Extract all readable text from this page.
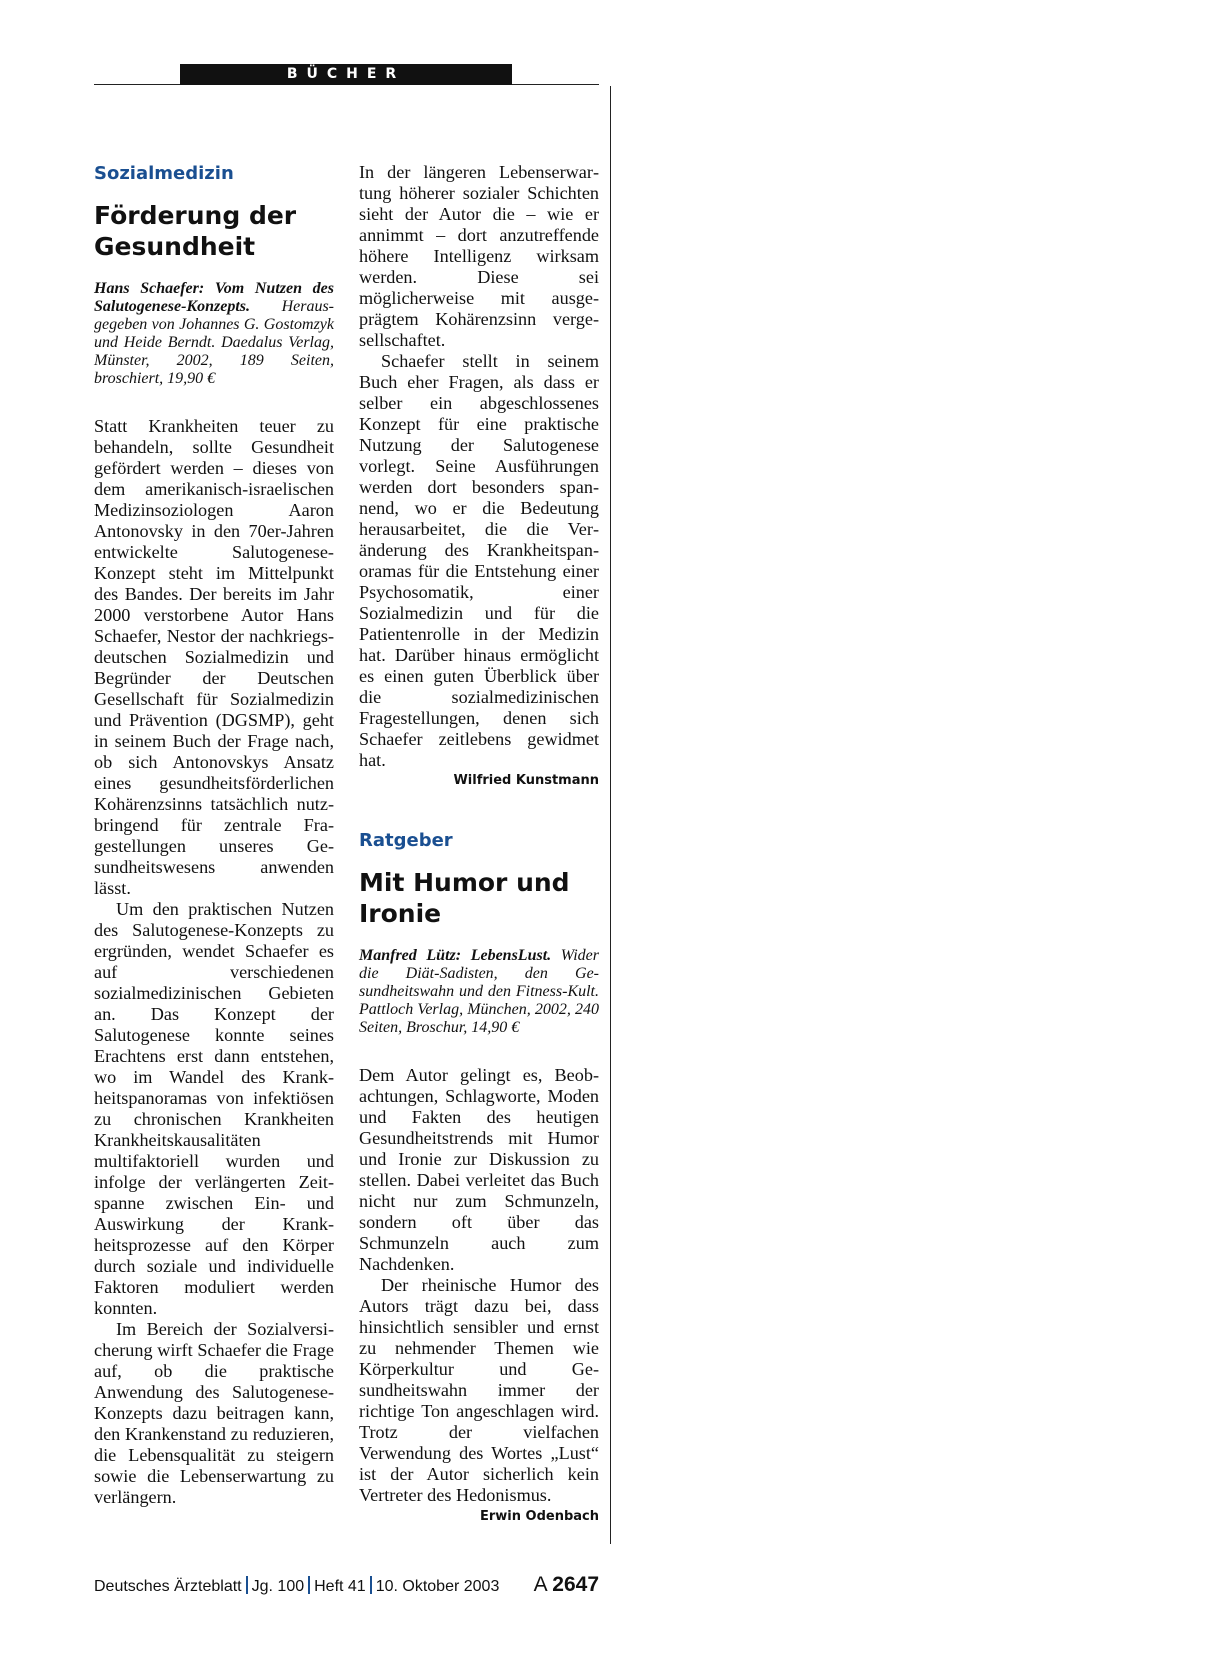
BÜCHER

Sozialmedizin

Förderung der Gesundheit

Hans Schaefer: Vom Nutzen des Salutogenese-Konzepts. Herausgegeben von Johannes G. Gostomzyk und Heide Berndt. Daedalus Verlag, Münster, 2002, 189 Seiten, broschiert, 19,90 €

Statt Krankheiten teuer zu behandeln, sollte Gesundheit gefördert werden – dieses von dem amerikanisch-israelischen Medizinsoziologen Aaron Antonovsky in den 70er-Jahren entwickelte Salutogenese-Konzept steht im Mittelpunkt des Bandes. Der bereits im Jahr 2000 verstorbene Autor Hans Schaefer, Nestor der nachkriegsdeutschen Sozialmedizin und Begründer der Deutschen Gesellschaft für Sozialmedizin und Prävention (DGSMP), geht in seinem Buch der Frage nach, ob sich Antonovskys Ansatz eines gesundheitsförderlichen Kohärenzsinns tatsächlich nutzbringend für zentrale Fragestellungen unseres Gesundheitswesens anwenden lässt.

Um den praktischen Nutzen des Salutogenese-Konzepts zu ergründen, wendet Schaefer es auf verschiedenen sozialmedizinischen Gebieten an. Das Konzept der Salutogenese konnte seines Erachtens erst dann entstehen, wo im Wandel des Krankheitspanoramas von infektiösen zu chronischen Krankheiten Krankheitskausalitäten multifaktoriell wurden und infolge der verlängerten Zeitspanne zwischen Ein- und Auswirkung der Krankheitsprozesse auf den Körper durch soziale und individuelle Faktoren moduliert werden konnten.

Im Bereich der Sozialversicherung wirft Schaefer die Frage auf, ob die praktische Anwendung des Salutogenese-Konzepts dazu beitragen kann, den Krankenstand zu reduzieren, die Lebensqualität zu steigern sowie die Lebenserwartung zu verlängern.

In der längeren Lebenserwartung höherer sozialer Schichten sieht der Autor die – wie er annimmt – dort anzutreffende höhere Intelligenz wirksam werden. Diese sei möglicherweise mit ausgeprägtem Kohärenzsinn vergesellschaftet.

Schaefer stellt in seinem Buch eher Fragen, als dass er selber ein abgeschlossenes Konzept für eine praktische Nutzung der Salutogenese vorlegt. Seine Ausführungen werden dort besonders spannend, wo er die Bedeutung herausarbeitet, die die Veränderung des Krankheitspanoramas für die Entstehung einer Psychosomatik, einer Sozialmedizin und für die Patientenrolle in der Medizin hat. Darüber hinaus ermöglicht es einen guten Überblick über die sozialmedizinischen Fragestellungen, denen sich Schaefer zeitlebens gewidmet hat.

Wilfried Kunstmann

Ratgeber

Mit Humor und Ironie

Manfred Lütz: LebensLust. Wider die Diät-Sadisten, den Gesundheitswahn und den Fitness-Kult. Pattloch Verlag, München, 2002, 240 Seiten, Broschur, 14,90 €

Dem Autor gelingt es, Beobachtungen, Schlagworte, Moden und Fakten des heutigen Gesundheitstrends mit Humor und Ironie zur Diskussion zu stellen. Dabei verleitet das Buch nicht nur zum Schmunzeln, sondern oft über das Schmunzeln auch zum Nachdenken.

Der rheinische Humor des Autors trägt dazu bei, dass hinsichtlich sensibler und ernst zu nehmender Themen wie Körperkultur und Gesundheitswahn immer der richtige Ton angeschlagen wird. Trotz der vielfachen Verwendung des Wortes „Lust“ ist der Autor sicherlich kein Vertreter des Hedonismus.
Erwin Odenbach

Deutsches Ärzteblatt Jg. 100 Heft 41 10. Oktober 2003 A 2647
